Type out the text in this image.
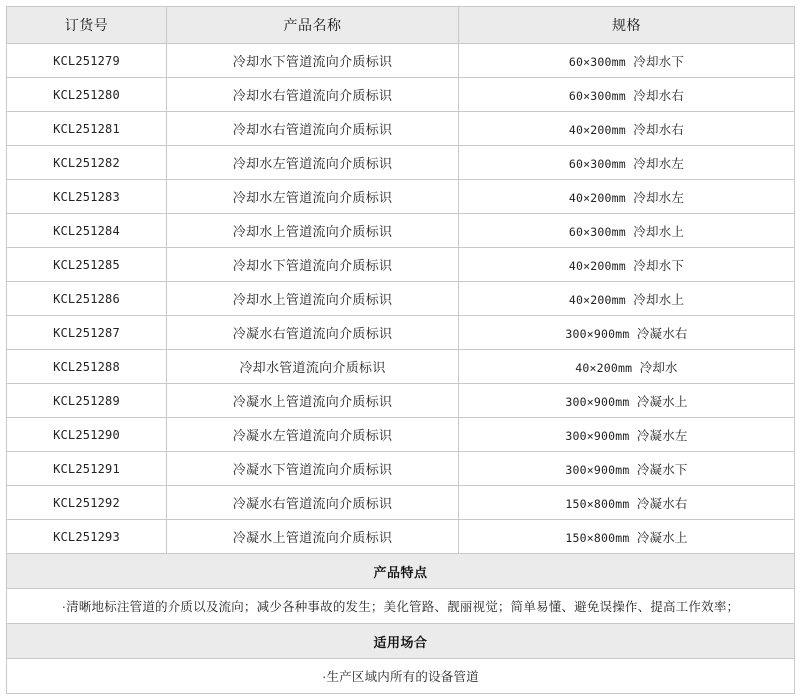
订货号	产品名称	规格
KCL251279	冷却水下管道流向介质标识	60×300mm 冷却水下
KCL251280	冷却水右管道流向介质标识	60×300mm 冷却水右
KCL251281	冷却水右管道流向介质标识	40×200mm 冷却水右
KCL251282	冷却水左管道流向介质标识	60×300mm 冷却水左
KCL251283	冷却水左管道流向介质标识	40×200mm 冷却水左
KCL251284	冷却水上管道流向介质标识	60×300mm 冷却水上
KCL251285	冷却水下管道流向介质标识	40×200mm 冷却水下
KCL251286	冷却水上管道流向介质标识	40×200mm 冷却水上
KCL251287	冷凝水右管道流向介质标识	300×900mm 冷凝水右
KCL251288	冷却水管道流向介质标识	40×200mm 冷却水
KCL251289	冷凝水上管道流向介质标识	300×900mm 冷凝水上
KCL251290	冷凝水左管道流向介质标识	300×900mm 冷凝水左
KCL251291	冷凝水下管道流向介质标识	300×900mm 冷凝水下
KCL251292	冷凝水右管道流向介质标识	150×800mm 冷凝水右
KCL251293	冷凝水上管道流向介质标识	150×800mm 冷凝水上
产品特点		
·清晰地标注管道的介质以及流向；减少各种事故的发生；美化管路、靓丽视觉；简单易懂、避免误操作、提高工作效率；		
适用场合		
·生产区域内所有的设备管道		
